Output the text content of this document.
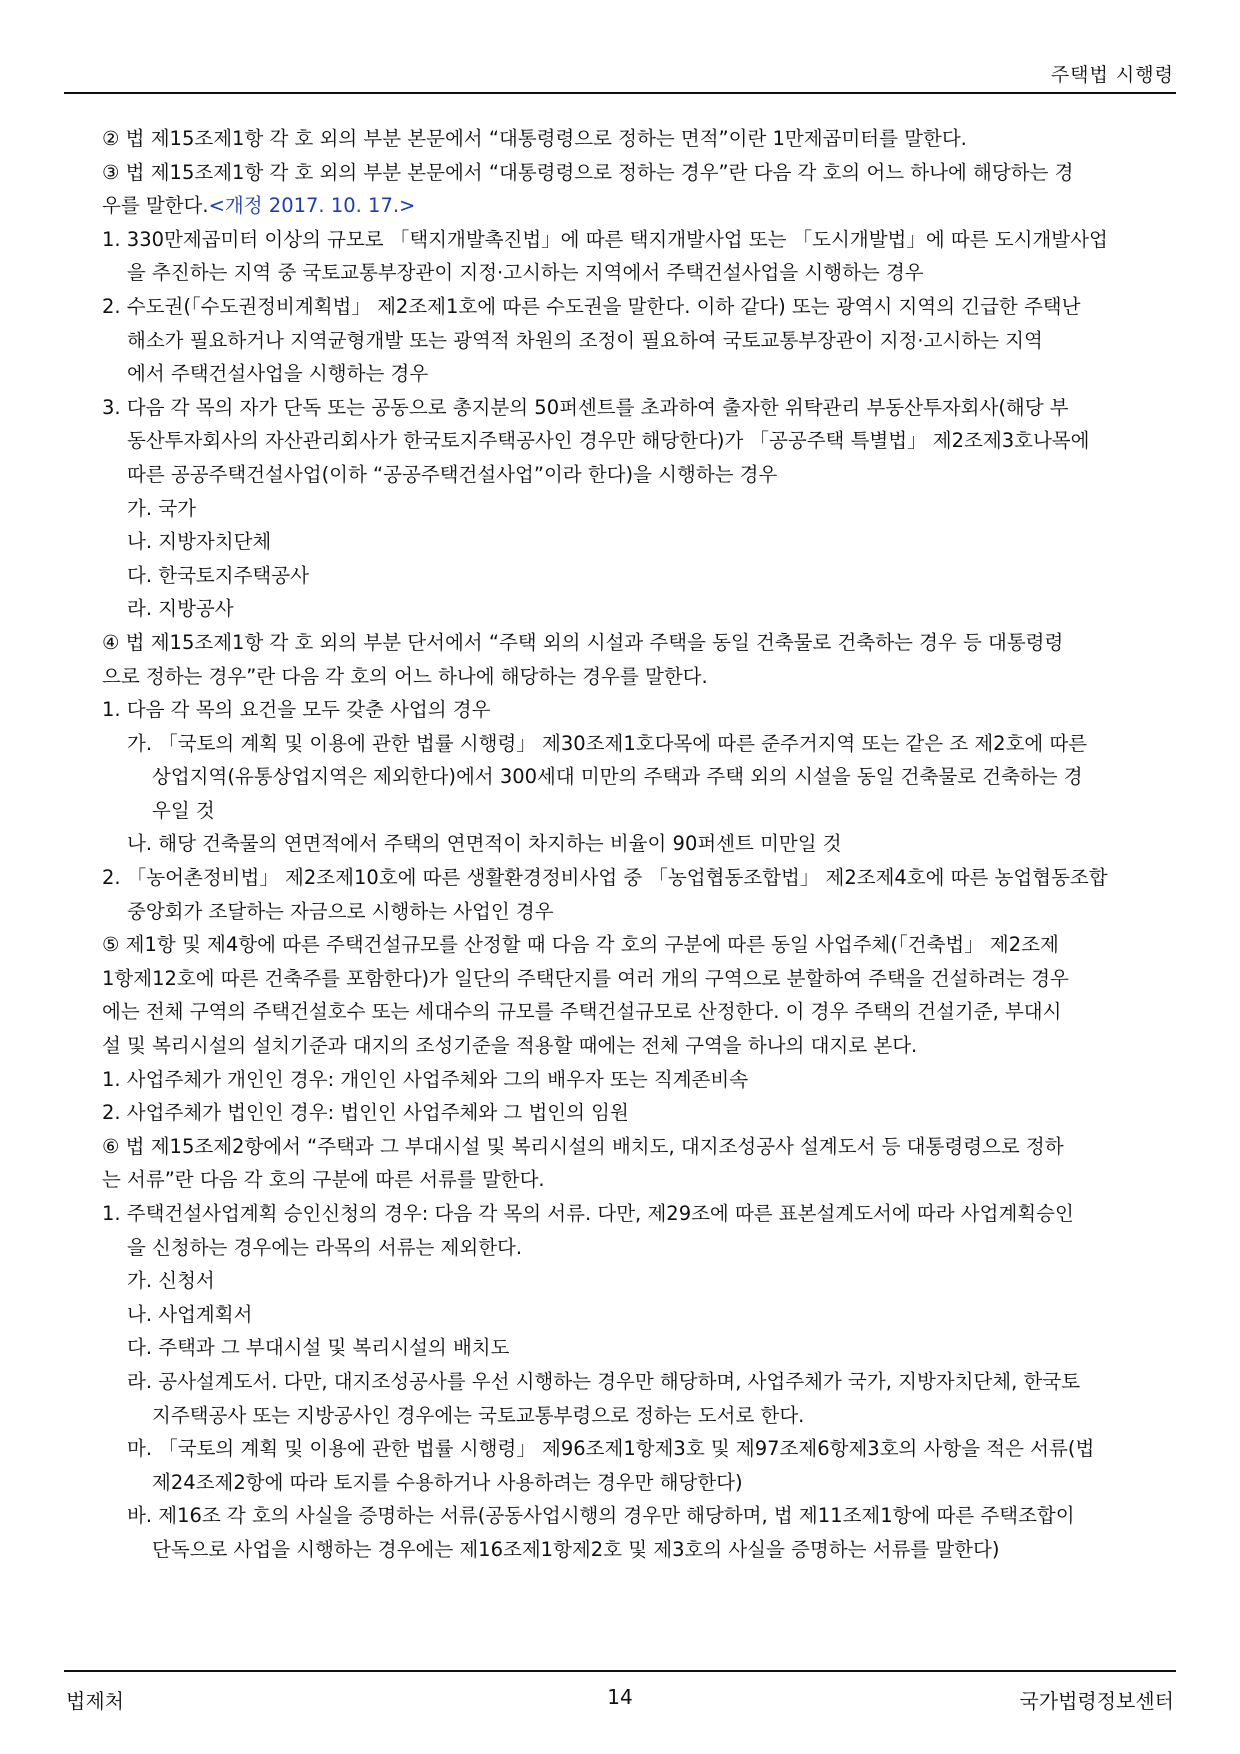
주택법 시행령
② 법 제15조제1항 각 호 외의 부분 본문에서 “대통령령으로 정하는 면적”이란 1만제곱미터를 말한다.
③ 법 제15조제1항 각 호 외의 부분 본문에서 “대통령령으로 정하는 경우”란 다음 각 호의 어느 하나에 해당하는 경
우를 말한다.<개정 2017. 10. 17.>
1. 330만제곱미터 이상의 규모로 「택지개발촉진법」에 따른 택지개발사업 또는 「도시개발법」에 따른 도시개발사업
을 추진하는 지역 중 국토교통부장관이 지정·고시하는 지역에서 주택건설사업을 시행하는 경우
2. 수도권(「수도권정비계획법」 제2조제1호에 따른 수도권을 말한다. 이하 같다) 또는 광역시 지역의 긴급한 주택난
해소가 필요하거나 지역균형개발 또는 광역적 차원의 조정이 필요하여 국토교통부장관이 지정·고시하는 지역
에서 주택건설사업을 시행하는 경우
3. 다음 각 목의 자가 단독 또는 공동으로 총지분의 50퍼센트를 초과하여 출자한 위탁관리 부동산투자회사(해당 부
동산투자회사의 자산관리회사가 한국토지주택공사인 경우만 해당한다)가 「공공주택 특별법」 제2조제3호나목에
따른 공공주택건설사업(이하 “공공주택건설사업”이라 한다)을 시행하는 경우
가. 국가
나. 지방자치단체
다. 한국토지주택공사
라. 지방공사
④ 법 제15조제1항 각 호 외의 부분 단서에서 “주택 외의 시설과 주택을 동일 건축물로 건축하는 경우 등 대통령령
으로 정하는 경우”란 다음 각 호의 어느 하나에 해당하는 경우를 말한다.
1. 다음 각 목의 요건을 모두 갖춘 사업의 경우
가. 「국토의 계획 및 이용에 관한 법률 시행령」 제30조제1호다목에 따른 준주거지역 또는 같은 조 제2호에 따른
상업지역(유통상업지역은 제외한다)에서 300세대 미만의 주택과 주택 외의 시설을 동일 건축물로 건축하는 경
우일 것
나. 해당 건축물의 연면적에서 주택의 연면적이 차지하는 비율이 90퍼센트 미만일 것
2. 「농어촌정비법」 제2조제10호에 따른 생활환경정비사업 중 「농업협동조합법」 제2조제4호에 따른 농업협동조합
중앙회가 조달하는 자금으로 시행하는 사업인 경우
⑤ 제1항 및 제4항에 따른 주택건설규모를 산정할 때 다음 각 호의 구분에 따른 동일 사업주체(「건축법」 제2조제
1항제12호에 따른 건축주를 포함한다)가 일단의 주택단지를 여러 개의 구역으로 분할하여 주택을 건설하려는 경우
에는 전체 구역의 주택건설호수 또는 세대수의 규모를 주택건설규모로 산정한다. 이 경우 주택의 건설기준, 부대시
설 및 복리시설의 설치기준과 대지의 조성기준을 적용할 때에는 전체 구역을 하나의 대지로 본다.
1. 사업주체가 개인인 경우: 개인인 사업주체와 그의 배우자 또는 직계존비속
2. 사업주체가 법인인 경우: 법인인 사업주체와 그 법인의 임원
⑥ 법 제15조제2항에서 “주택과 그 부대시설 및 복리시설의 배치도, 대지조성공사 설계도서 등 대통령령으로 정하
는 서류”란 다음 각 호의 구분에 따른 서류를 말한다.
1. 주택건설사업계획 승인신청의 경우: 다음 각 목의 서류. 다만, 제29조에 따른 표본설계도서에 따라 사업계획승인
을 신청하는 경우에는 라목의 서류는 제외한다.
가. 신청서
나. 사업계획서
다. 주택과 그 부대시설 및 복리시설의 배치도
라. 공사설계도서. 다만, 대지조성공사를 우선 시행하는 경우만 해당하며, 사업주체가 국가, 지방자치단체, 한국토
지주택공사 또는 지방공사인 경우에는 국토교통부령으로 정하는 도서로 한다.
마. 「국토의 계획 및 이용에 관한 법률 시행령」 제96조제1항제3호 및 제97조제6항제3호의 사항을 적은 서류(법
제24조제2항에 따라 토지를 수용하거나 사용하려는 경우만 해당한다)
바. 제16조 각 호의 사실을 증명하는 서류(공동사업시행의 경우만 해당하며, 법 제11조제1항에 따른 주택조합이
단독으로 사업을 시행하는 경우에는 제16조제1항제2호 및 제3호의 사실을 증명하는 서류를 말한다)
법제처	14	국가법령정보센터
